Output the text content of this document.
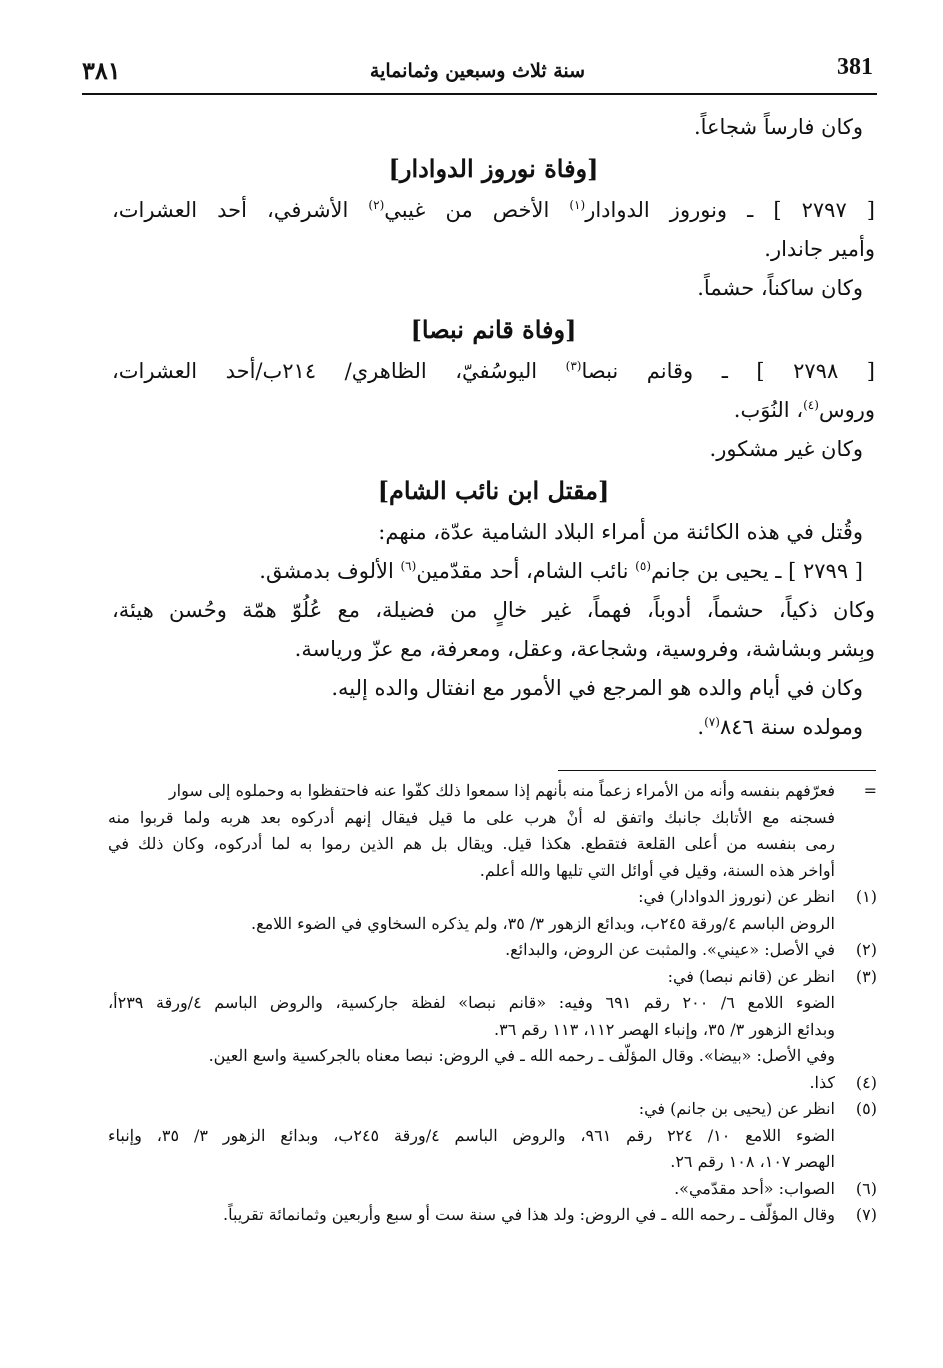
381
سنة ثلاث وسبعين وثمانماية
٣٨١
وكان فارساً شجاعاً.
[وفاة نوروز الدوادار]
[ ٢٧٩٧ ] ـ ونوروز الدوادار$^{(١)}$ الأخص من غيبي$^{(٢)}$ الأشرفي، أحد العشرات،
وأمير جاندار.
وكان ساكناً، حشماً.
[وفاة قانم نبصا]
[ ٢٧٩٨ ] ـ وقانم نبصا$^{(٣)}$ اليوسُفيّ، الظاهري/ ٢١٤ب/أحد العشرات،
وروس$^{(٤)}$، النُوَب.
وكان غير مشكور.
[مقتل ابن نائب الشام]
وقُتل في هذه الكائنة من أمراء البلاد الشامية عدّة، منهم:
[ ٢٧٩٩ ] ـ يحيى بن جانم$^{(٥)}$ نائب الشام، أحد مقدّمين$^{(٦)}$ الألوف بدمشق.
وكان ذكياً، حشماً، أدوباً، فهماً، غير خالٍ من فضيلة، مع عُلُوّ همّة وحُسن هيئة،
وبِشر وبشاشة، وفروسية، وشجاعة، وعقل، ومعرفة، مع عزّ ورياسة.
وكان في أيام والده هو المرجع في الأمور مع انفتال والده إليه.
ومولده سنة $٨٤٦^{(٧)}$.
=فعرّفهم بنفسه وأنه من الأمراء زعماً منه بأنهم إذا سمعوا ذلك كفّوا عنه فاحتفظوا به وحملوه إلى سوار
فسجنه مع الأتابك جانبك واتفق له أنْ هرب على ما قيل فيقال إنهم أدركوه بعد هربه ولما قربوا منه
رمى بنفسه من أعلى القلعة فتقطع. هكذا قيل. ويقال بل هم الذين رموا به لما أدركوه، وكان ذلك في
أواخر هذه السنة، وقيل في أوائل التي تليها والله أعلم.
(١)انظر عن (نوروز الدوادار) في:
الروض الباسم ٤/ورقة ٢٤٥ب، وبدائع الزهور ٣/ ٣٥، ولم يذكره السخاوي في الضوء اللامع.
(٢)في الأصل: «عيني». والمثبت عن الروض، والبدائع.
(٣)انظر عن (قانم نبصا) في:
الضوء اللامع ٦/ ٢٠٠ رقم ٦٩١ وفيه: «قانم نبصا» لفظة جاركسية، والروض الباسم ٤/ورقة ٢٣٩أ،
وبدائع الزهور ٣/ ٣٥، وإنباء الهصر ١١٢، ١١٣ رقم ٣٦.
وفي الأصل: «بيضا». وقال المؤلّف ـ رحمه الله ـ في الروض: نبصا معناه بالجركسية واسع العين.
(٤)كذا.
(٥)انظر عن (يحيى بن جانم) في:
الضوء اللامع ١٠/ ٢٢٤ رقم ٩٦١، والروض الباسم ٤/ورقة ٢٤٥ب، وبدائع الزهور ٣/ ٣٥، وإنباء
الهصر ١٠٧، ١٠٨ رقم ٢٦.
(٦)الصواب: «أحد مقدّمي».
(٧)وقال المؤلّف ـ رحمه الله ـ في الروض: ولد هذا في سنة ست أو سبع وأربعين وثمانمائة تقريباً.
